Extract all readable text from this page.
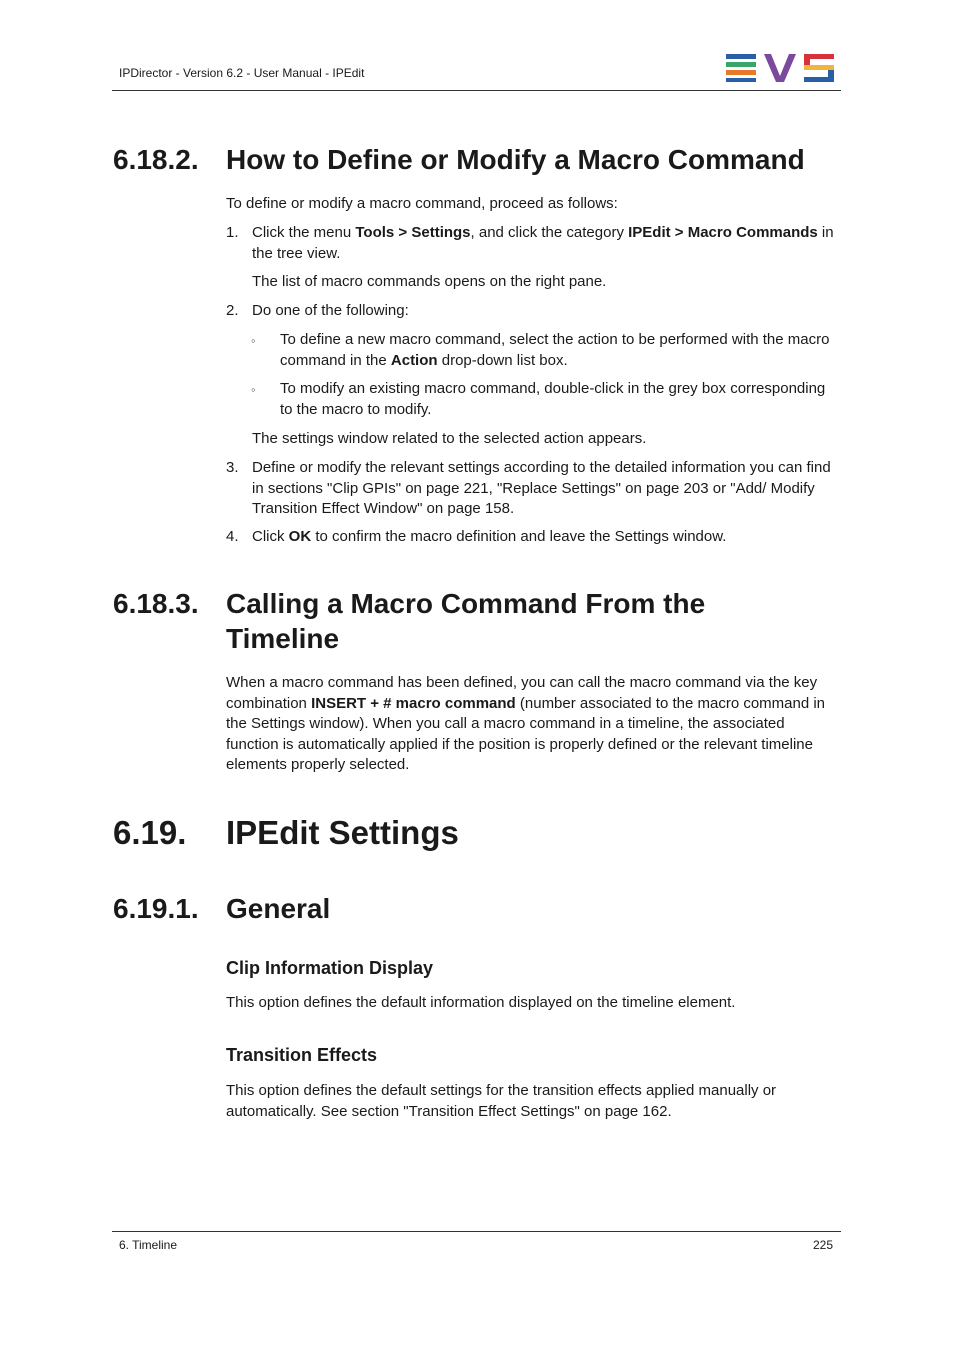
IPDirector - Version 6.2 - User Manual - IPEdit
6.18.2. How to Define or Modify a Macro Command
To define or modify a macro command, proceed as follows:
1. Click the menu Tools > Settings, and click the category IPEdit > Macro Commands in the tree view.
The list of macro commands opens on the right pane.
2. Do one of the following:
◦ To define a new macro command, select the action to be performed with the macro command in the Action drop-down list box.
◦ To modify an existing macro command, double-click in the grey box corresponding to the macro to modify.
The settings window related to the selected action appears.
3. Define or modify the relevant settings according to the detailed information you can find in sections "Clip GPIs" on page 221, "Replace Settings" on page 203 or "Add/ Modify Transition Effect Window" on page 158.
4. Click OK to confirm the macro definition and leave the Settings window.
6.18.3. Calling a Macro Command From the Timeline
When a macro command has been defined, you can call the macro command via the key combination INSERT + # macro command (number associated to the macro command in the Settings window). When you call a macro command in a timeline, the associated function is automatically applied if the position is properly defined or the relevant timeline elements properly selected.
6.19. IPEdit Settings
6.19.1. General
Clip Information Display
This option defines the default information displayed on the timeline element.
Transition Effects
This option defines the default settings for the transition effects applied manually or automatically. See section "Transition Effect Settings" on page 162.
6. Timeline	225
